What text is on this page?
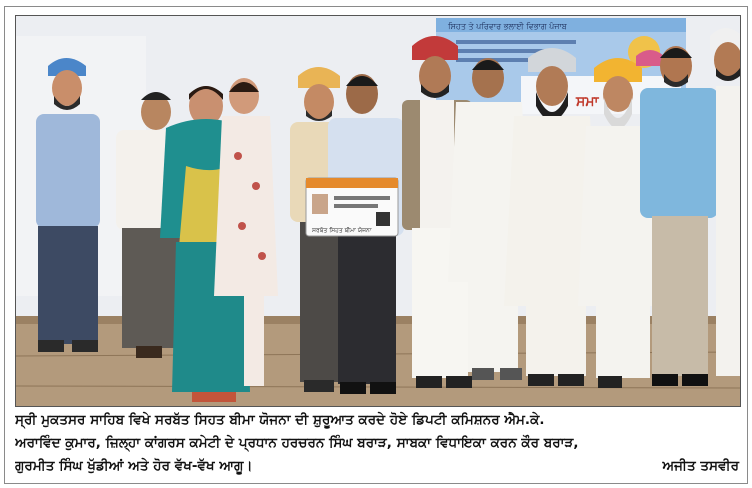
ਸਿਹਤ ਤੇ ਪਰਿਵਾਰ ਭਲਾਈ ਵਿਭਾਗ ਪੰਜਾਬ
ਸਮਾ
ਸਰਬੱਤ ਸਿਹਤ ਬੀਮਾ ਯੋਜਨਾ
ਸ੍ਰੀ ਮੁਕਤਸਰ ਸਾਹਿਬ ਵਿਖੇ ਸਰਬੱਤ ਸਿਹਤ ਬੀਮਾ ਯੋਜਨਾ ਦੀ ਸ਼ੁਰੂਆਤ ਕਰਦੇ ਹੋਏ ਡਿਪਟੀ ਕਮਿਸ਼ਨਰ ਐਮ.ਕੇ.
ਅਰਾਵਿੰਦ ਕੁਮਾਰ, ਜ਼ਿਲ੍ਹਾ ਕਾਂਗਰਸ ਕਮੇਟੀ ਦੇ ਪ੍ਰਧਾਨ ਹਰਚਰਨ ਸਿੰਘ ਬਰਾੜ, ਸਾਬਕਾ ਵਿਧਾਇਕਾ ਕਰਨ ਕੌਰ ਬਰਾੜ,
ਗੁਰਮੀਤ ਸਿੰਘ ਖੁੱਡੀਆਂ ਅਤੇ ਹੋਰ ਵੱਖ-ਵੱਖ ਆਗੂ।	ਅਜੀਤ ਤਸਵੀਰ
